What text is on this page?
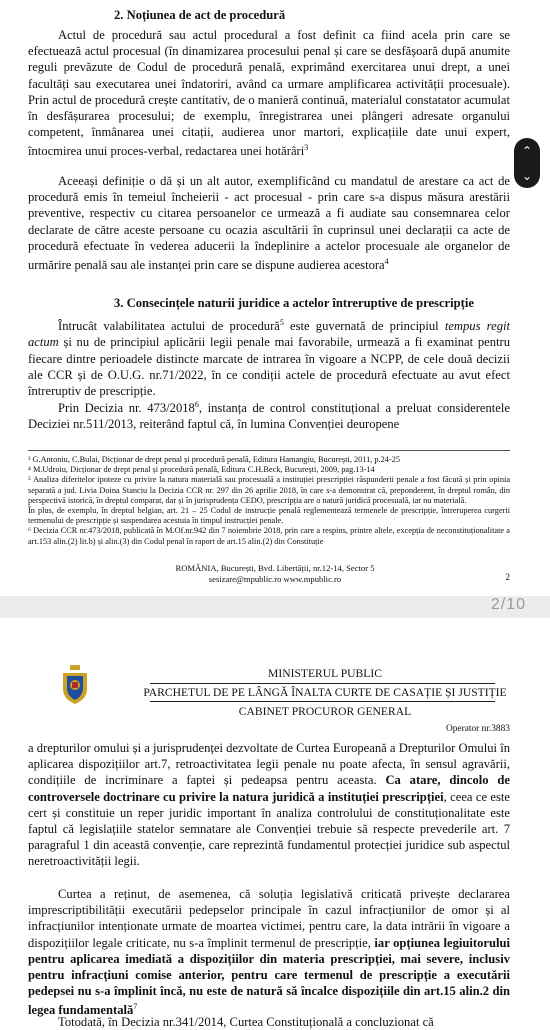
2. Noțiunea de act de procedură
Actul de procedură sau actul procedural a fost definit ca fiind acela prin care se efectuează actul procesual (în dinamizarea procesului penal și care se desfășoară după anumite reguli prevăzute de Codul de procedură penală, exprimând exercitarea unui drept, a unei facultăți sau executarea unei îndatoriri, având ca urmare amplificarea activității procesuale). Prin actul de procedură crește cantitativ, de o manieră continuă, materialul constatator acumulat în desfășurarea procesului; de exemplu, înregistrarea unei plângeri adresate organului competent, înmânarea unei citații, audierea unor martori, explicațiile date unui expert, întocmirea unui proces-verbal, redactarea unei hotărâri$^3$
Aceeași definiție o dă și un alt autor, exemplificând cu mandatul de arestare ca act de procedură emis în temeiul încheierii - act procesual - prin care s-a dispus măsura arestării preventive, respectiv cu citarea persoanelor ce urmează a fi audiate sau consemnarea celor declarate de către aceste persoane cu ocazia ascultării în cuprinsul unei declarații ca acte de procedură efectuate în vederea aducerii la îndeplinire a actelor procesuale ale organelor de urmărire penală sau ale instanței prin care se dispune audierea acestora$^4$
3. Consecințele naturii juridice a actelor întreruptive de prescripție
Întrucât valabilitatea actului de procedură$^5$ este guvernată de principiul tempus regit actum și nu de principiul aplicării legii penale mai favorabile, urmează a fi examinat pentru fiecare dintre perioadele distincte marcate de intrarea în vigoare a NCPP, de cele două decizii ale CCR și de O.U.G. nr.71/2022, în ce condiții actele de procedură efectuate au avut efect întreruptiv de prescripție.
Prin Decizia nr. 473/2018$^6$, instanța de control constituțional a preluat considerentele Deciziei nr.511/2013, reiterând faptul că, în lumina Convenției deuropene
³ G.Antoniu, C.Bulai, Dicționar de drept penal și procedură penală, Editura Hamangiu, București, 2011, p.24-25
⁴ M.Udroiu, Dicționar de drept penal și procedură penală, Editura C.H.Beck, București, 2009, pag.13-14
⁵ Analiza diferitelor ipoteze cu privire la natura materială sau procesuală a instituției prescripției răspunderii penale a fost făcută și prin opinia separată a jud. Livia Doina Stanciu la Decizia CCR nr. 297 din 26 aprilie 2018, în care s-a demonstrat că, preponderent, în dreptul român, din perspectivă istorică, în dreptul comparat, dar și în jurisprudența CEDO, prescripția are o natură juridică procesuală, iar nu materială.
În plus, de exemplu, în dreptul belgian, art. 21 – 25 Codul de instrucție penală reglementează termenele de prescripție, întreruperea curgerii termenului de prescripție și suspendarea acestuia în timpul instrucției penale.
⁶ Decizia CCR nr.473/2018, publicată în M.Of.nr.942 din 7 noiembrie 2018, prin care a respins, printre altele, excepția de neconstituționalitate a art.153 alin.(2) lit.b) și alin.(3) din Codul penal în raport de art.15 alin.(2) din Constituție
ROMÂNIA, București, Bvd. Libertății, nr.12-14, Sector 5
sesizare@mpublic.ro www.mpublic.ro	2
⌃
⌄
2/10
MINISTERUL PUBLIC
PARCHETUL DE PE LÂNGĂ ÎNALTA CURTE DE CASAȚIE ȘI JUSTIȚIE
CABINET PROCUROR GENERAL
Operator nr.3883
a drepturilor omului și a jurisprudenței dezvoltate de Curtea Europeană a Drepturilor Omului în aplicarea dispozițiilor art.7, retroactivitatea legii penale nu poate afecta, în sensul agravării, condițiile de incriminare a faptei și pedeapsa pentru aceasta. Ca atare, dincolo de controversele doctrinare cu privire la natura juridică a instituției prescripției, ceea ce este cert și constituie un reper juridic important în analiza controlului de constituționalitate este faptul că legislațiile statelor semnatare ale Convenției trebuie să respecte prevederile art. 7 paragraful 1 din această convenție, care reprezintă fundamentul protecției juridice sub aspectul neretroactivității legii.
Curtea a reținut, de asemenea, că soluția legislativă criticată privește declararea imprescriptibilității executării pedepselor principale în cazul infracțiunilor de omor și al infracțiunilor intenționate urmate de moartea victimei, pentru care, la data intrării în vigoare a dispozițiilor legale criticate, nu s-a împlinit termenul de prescripție, iar opțiunea legiuitorului pentru aplicarea imediată a dispozițiilor din materia prescripției, mai severe, inclusiv pentru infracțiuni comise anterior, pentru care termenul de prescripție a executării pedepsei nu s-a împlinit încă, nu este de natură să încalce dispozițiile din art.15 alin.2 din legea fundamentală$^7$
Totodată, în Decizia nr.341/2014, Curtea Constituțională a concluzionat că
